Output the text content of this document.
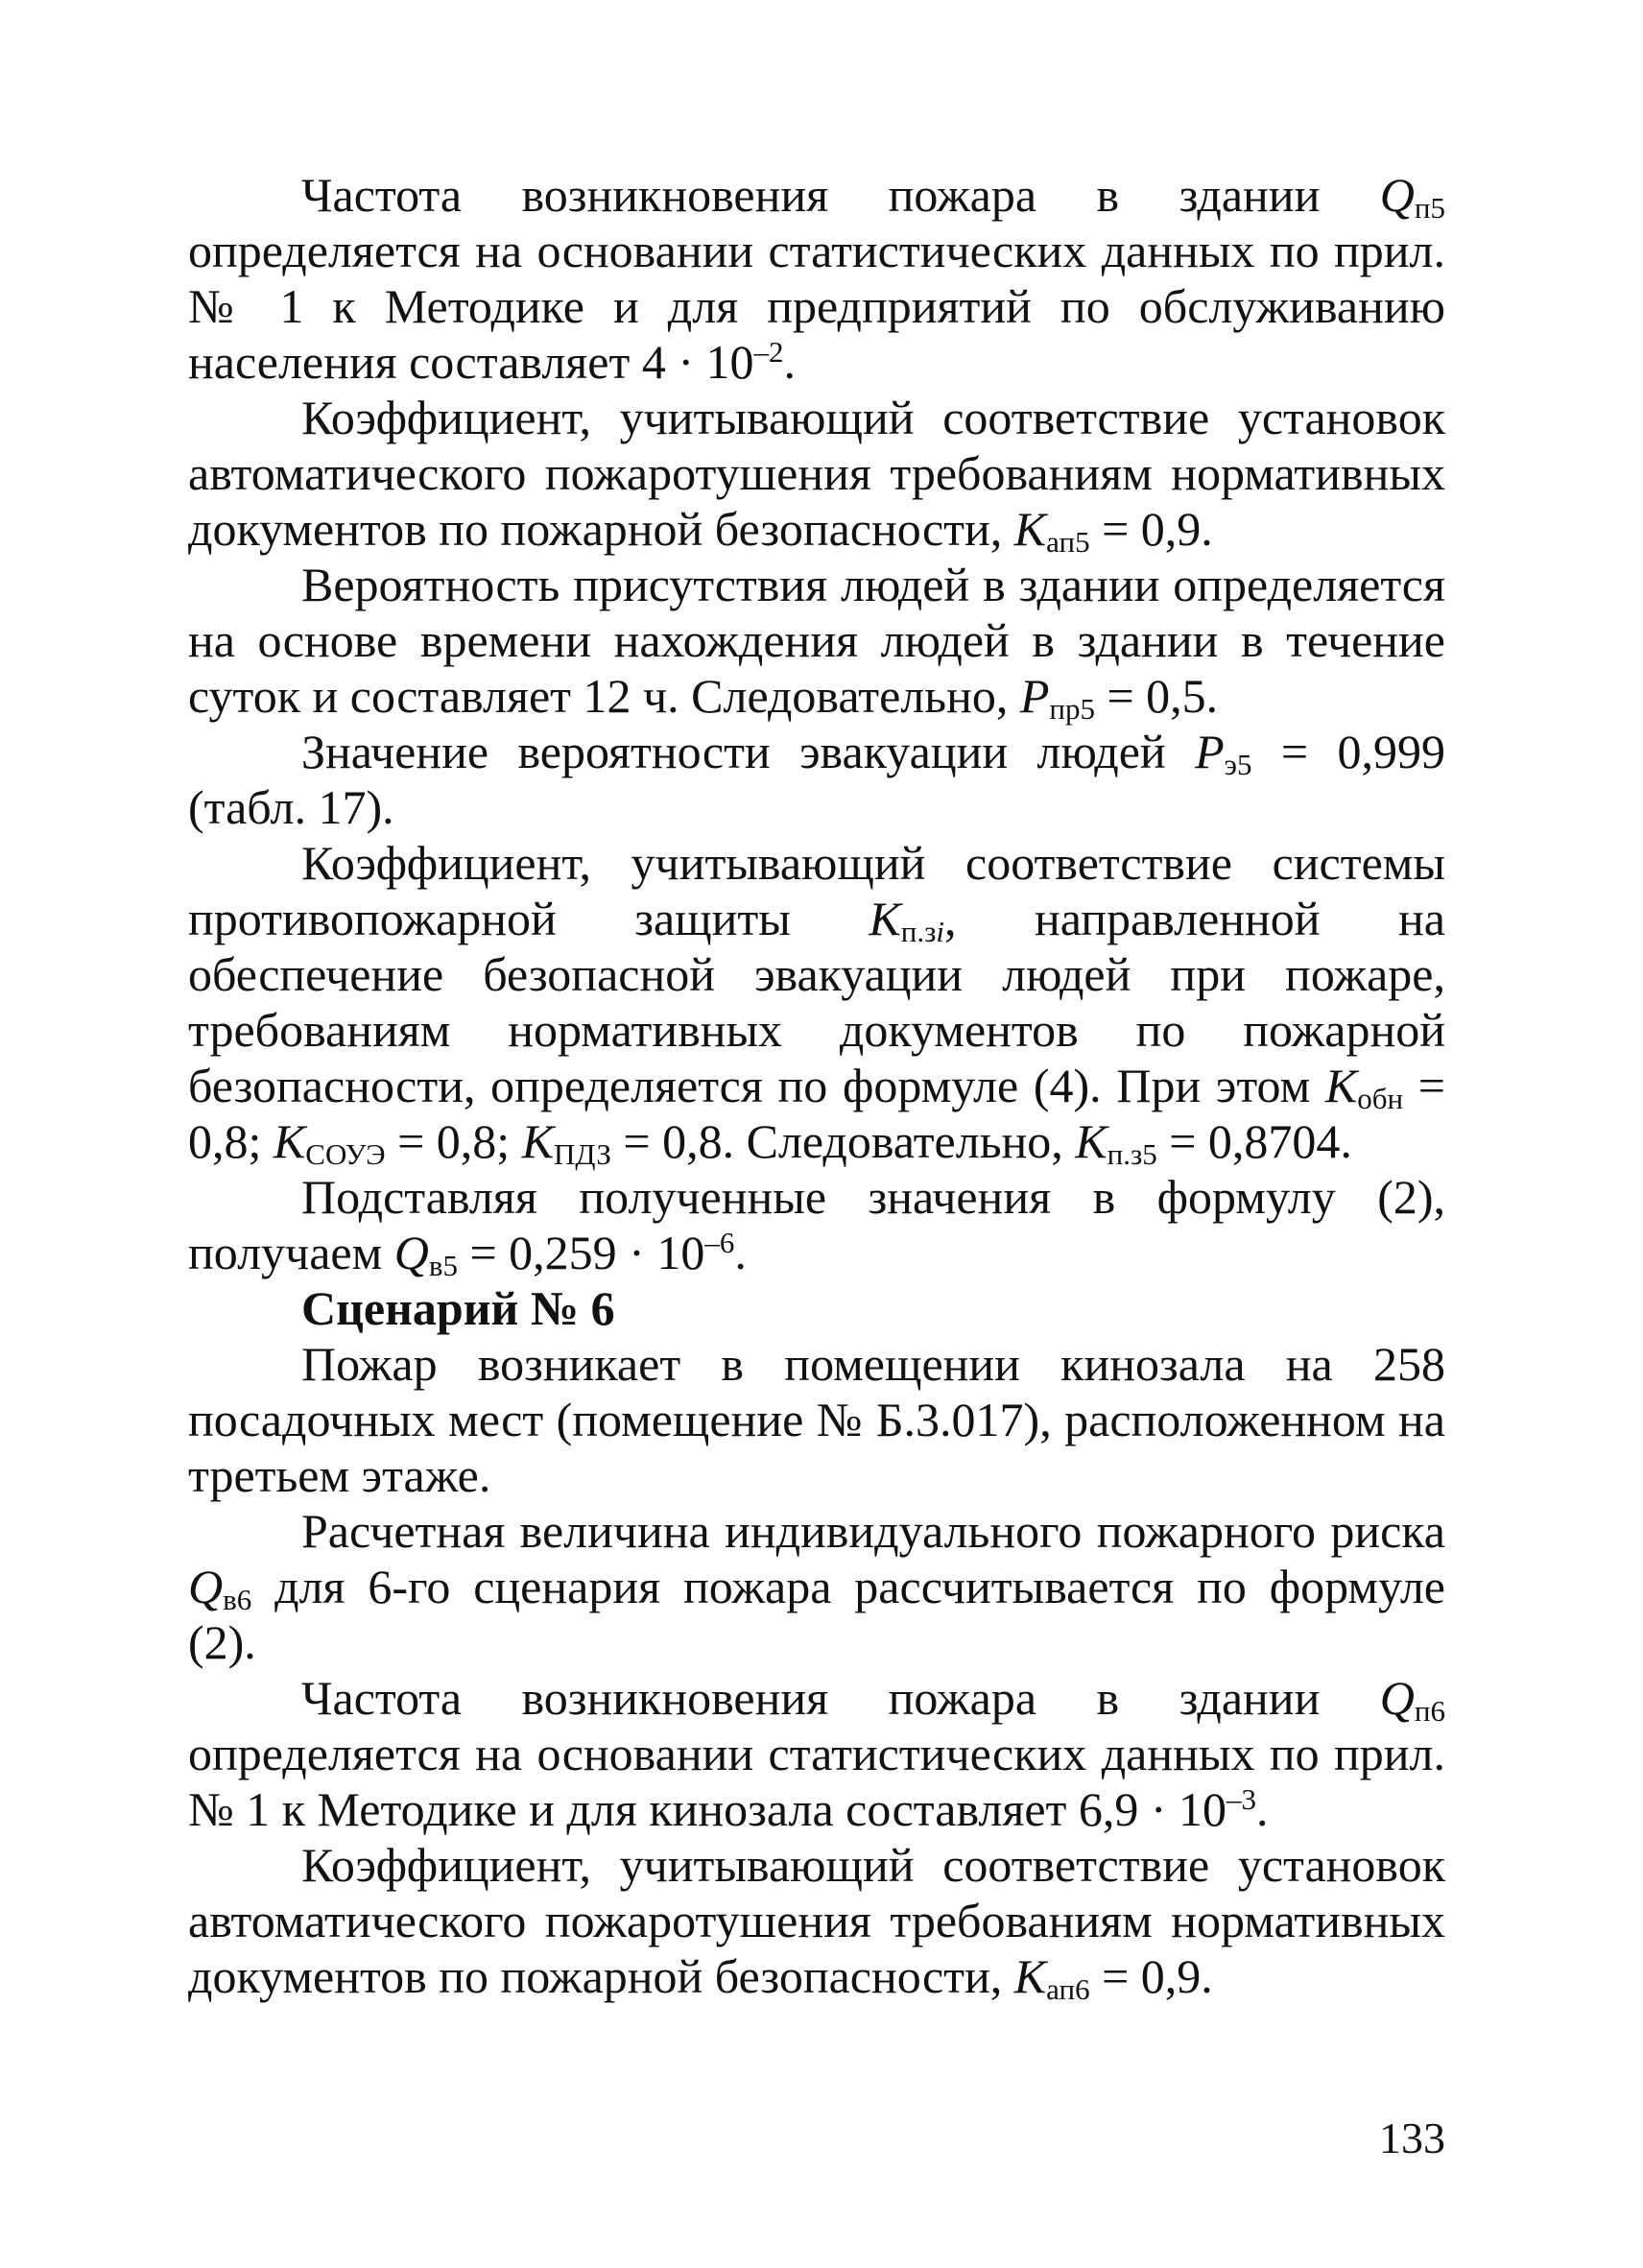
Частота возникновения пожара в здании $Q_{п5}$ определяется на основании статистических данных по прил. № 1 к Методике и для предприятий по обслуживанию населения составляет $4 \cdot 10^{-2}$.

Коэффициент, учитывающий соответствие установок автоматического пожаротушения требованиям нормативных документов по пожарной безопасности, $K_{ап5} = 0,9$.

Вероятность присутствия людей в здании определяется на основе времени нахождения людей в здании в течение суток и составляет 12 ч. Следовательно, $P_{пр5} = 0,5$.

Значение вероятности эвакуации людей $P_{э5} = 0,999$ (табл. 17).

Коэффициент, учитывающий соответствие системы противопожарной защиты $K_{п.зi}$, направленной на обеспечение безопасной эвакуации людей при пожаре, требованиям нормативных документов по пожарной безопасности, определяется по формуле (4). При этом $K_{обн} = 0,8$; $K_{СОУЭ} = 0,8$; $K_{ПДЗ} = 0,8$. Следовательно, $K_{п.з5} = 0,8704$.

Подставляя полученные значения в формулу (2), получаем $Q_{в5} = 0,259 \cdot 10^{-6}$.

Сценарий № 6

Пожар возникает в помещении кинозала на 258 посадочных мест (помещение № Б.3.017), расположенном на третьем этаже.

Расчетная величина индивидуального пожарного риска $Q_{в6}$ для 6-го сценария пожара рассчитывается по формуле (2).

Частота возникновения пожара в здании $Q_{п6}$ определяется на основании статистических данных по прил. № 1 к Методике и для кинозала составляет $6,9 \cdot 10^{-3}$.

Коэффициент, учитывающий соответствие установок автоматического пожаротушения требованиям нормативных документов по пожарной безопасности, $K_{ап6} = 0,9$.

133
